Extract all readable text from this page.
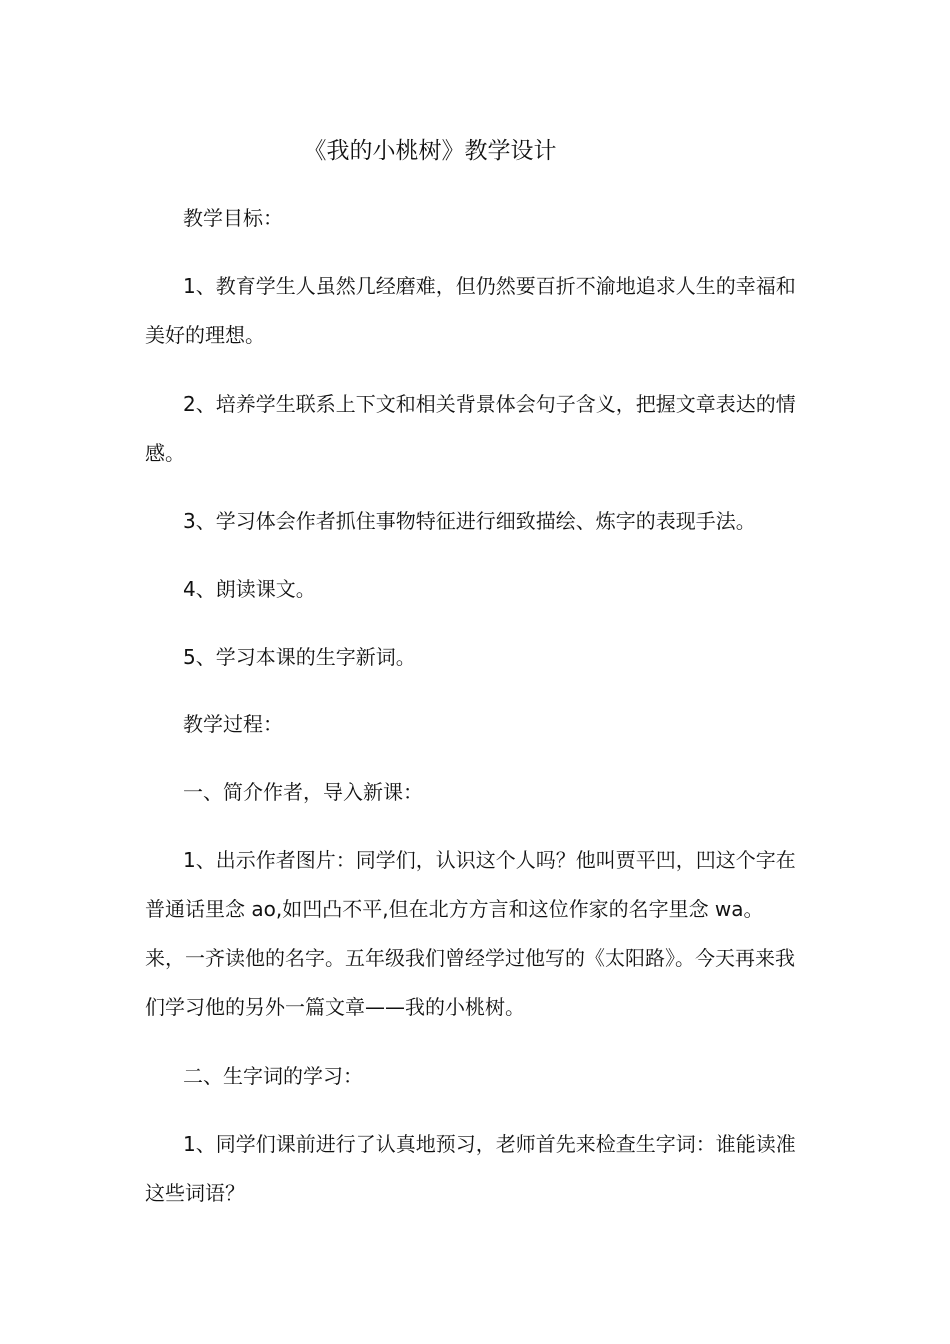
《我的小桃树》教学设计

教学目标：

1、教育学生人虽然几经磨难，但仍然要百折不渝地追求人生的幸福和美好的理想。

2、培养学生联系上下文和相关背景体会句子含义，把握文章表达的情感。

3、学习体会作者抓住事物特征进行细致描绘、炼字的表现手法。

4、朗读课文。

5、学习本课的生字新词。

教学过程：

一、简介作者，导入新课：

1、出示作者图片：同学们，认识这个人吗？他叫贾平凹，凹这个字在普通话里念 ao,如凹凸不平,但在北方方言和这位作家的名字里念 wa。来，一齐读他的名字。五年级我们曾经学过他写的《太阳路》。今天再来我们学习他的另外一篇文章——我的小桃树。

二、生字词的学习：

1、同学们课前进行了认真地预习，老师首先来检查生字词：谁能读准这些词语？
